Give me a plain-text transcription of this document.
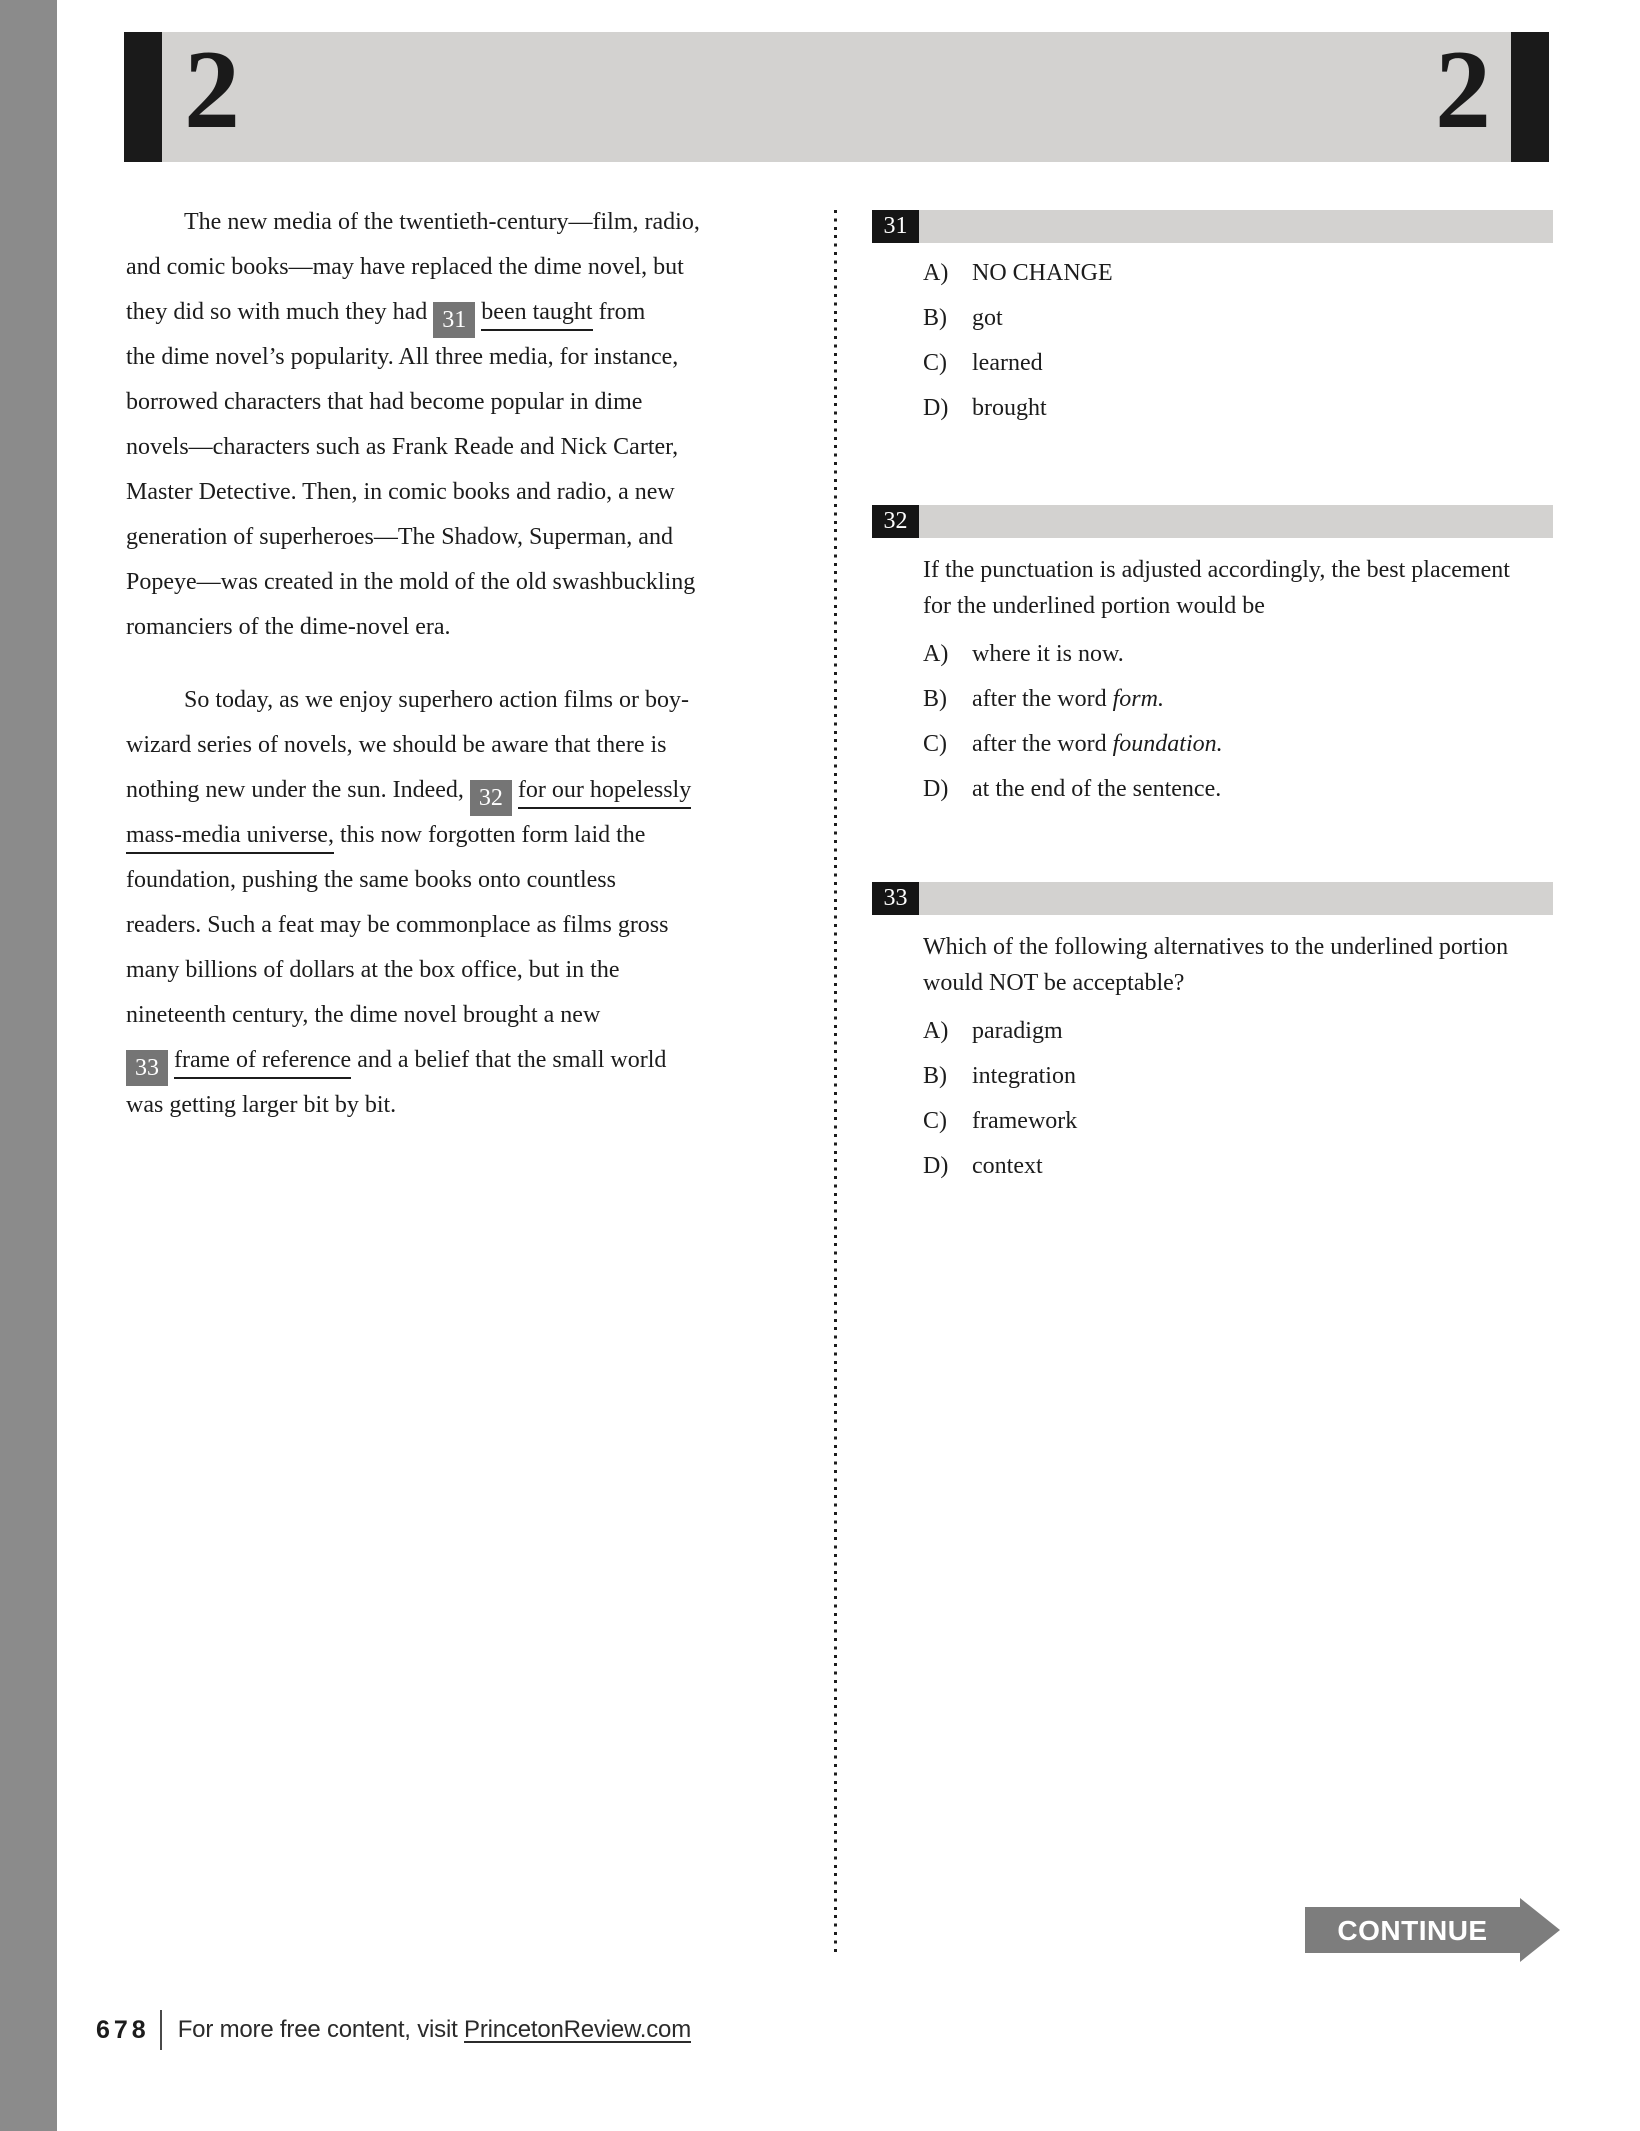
2	2
The new media of the twentieth-century—film, radio,
and comic books—may have replaced the dime novel, but
they did so with much they had 31 been taught from
the dime novel’s popularity. All three media, for instance,
borrowed characters that had become popular in dime
novels—characters such as Frank Reade and Nick Carter,
Master Detective. Then, in comic books and radio, a new
generation of superheroes—The Shadow, Superman, and
Popeye—was created in the mold of the old swashbuckling
romanciers of the dime-novel era.
So today, as we enjoy superhero action films or boy-
wizard series of novels, we should be aware that there is
nothing new under the sun. Indeed, 32 for our hopelessly
mass-media universe, this now forgotten form laid the
foundation, pushing the same books onto countless
readers. Such a feat may be commonplace as films gross
many billions of dollars at the box office, but in the
nineteenth century, the dime novel brought a new
33 frame of reference and a belief that the small world
was getting larger bit by bit.
31
A) NO CHANGE
B) got
C) learned
D) brought
32
If the punctuation is adjusted accordingly, the best placement for the underlined portion would be
A) where it is now.
B) after the word form.
C) after the word foundation.
D) at the end of the sentence.
33
Which of the following alternatives to the underlined portion would NOT be acceptable?
A) paradigm
B) integration
C) framework
D) context
CONTINUE
678 For more free content, visit PrincetonReview.com
